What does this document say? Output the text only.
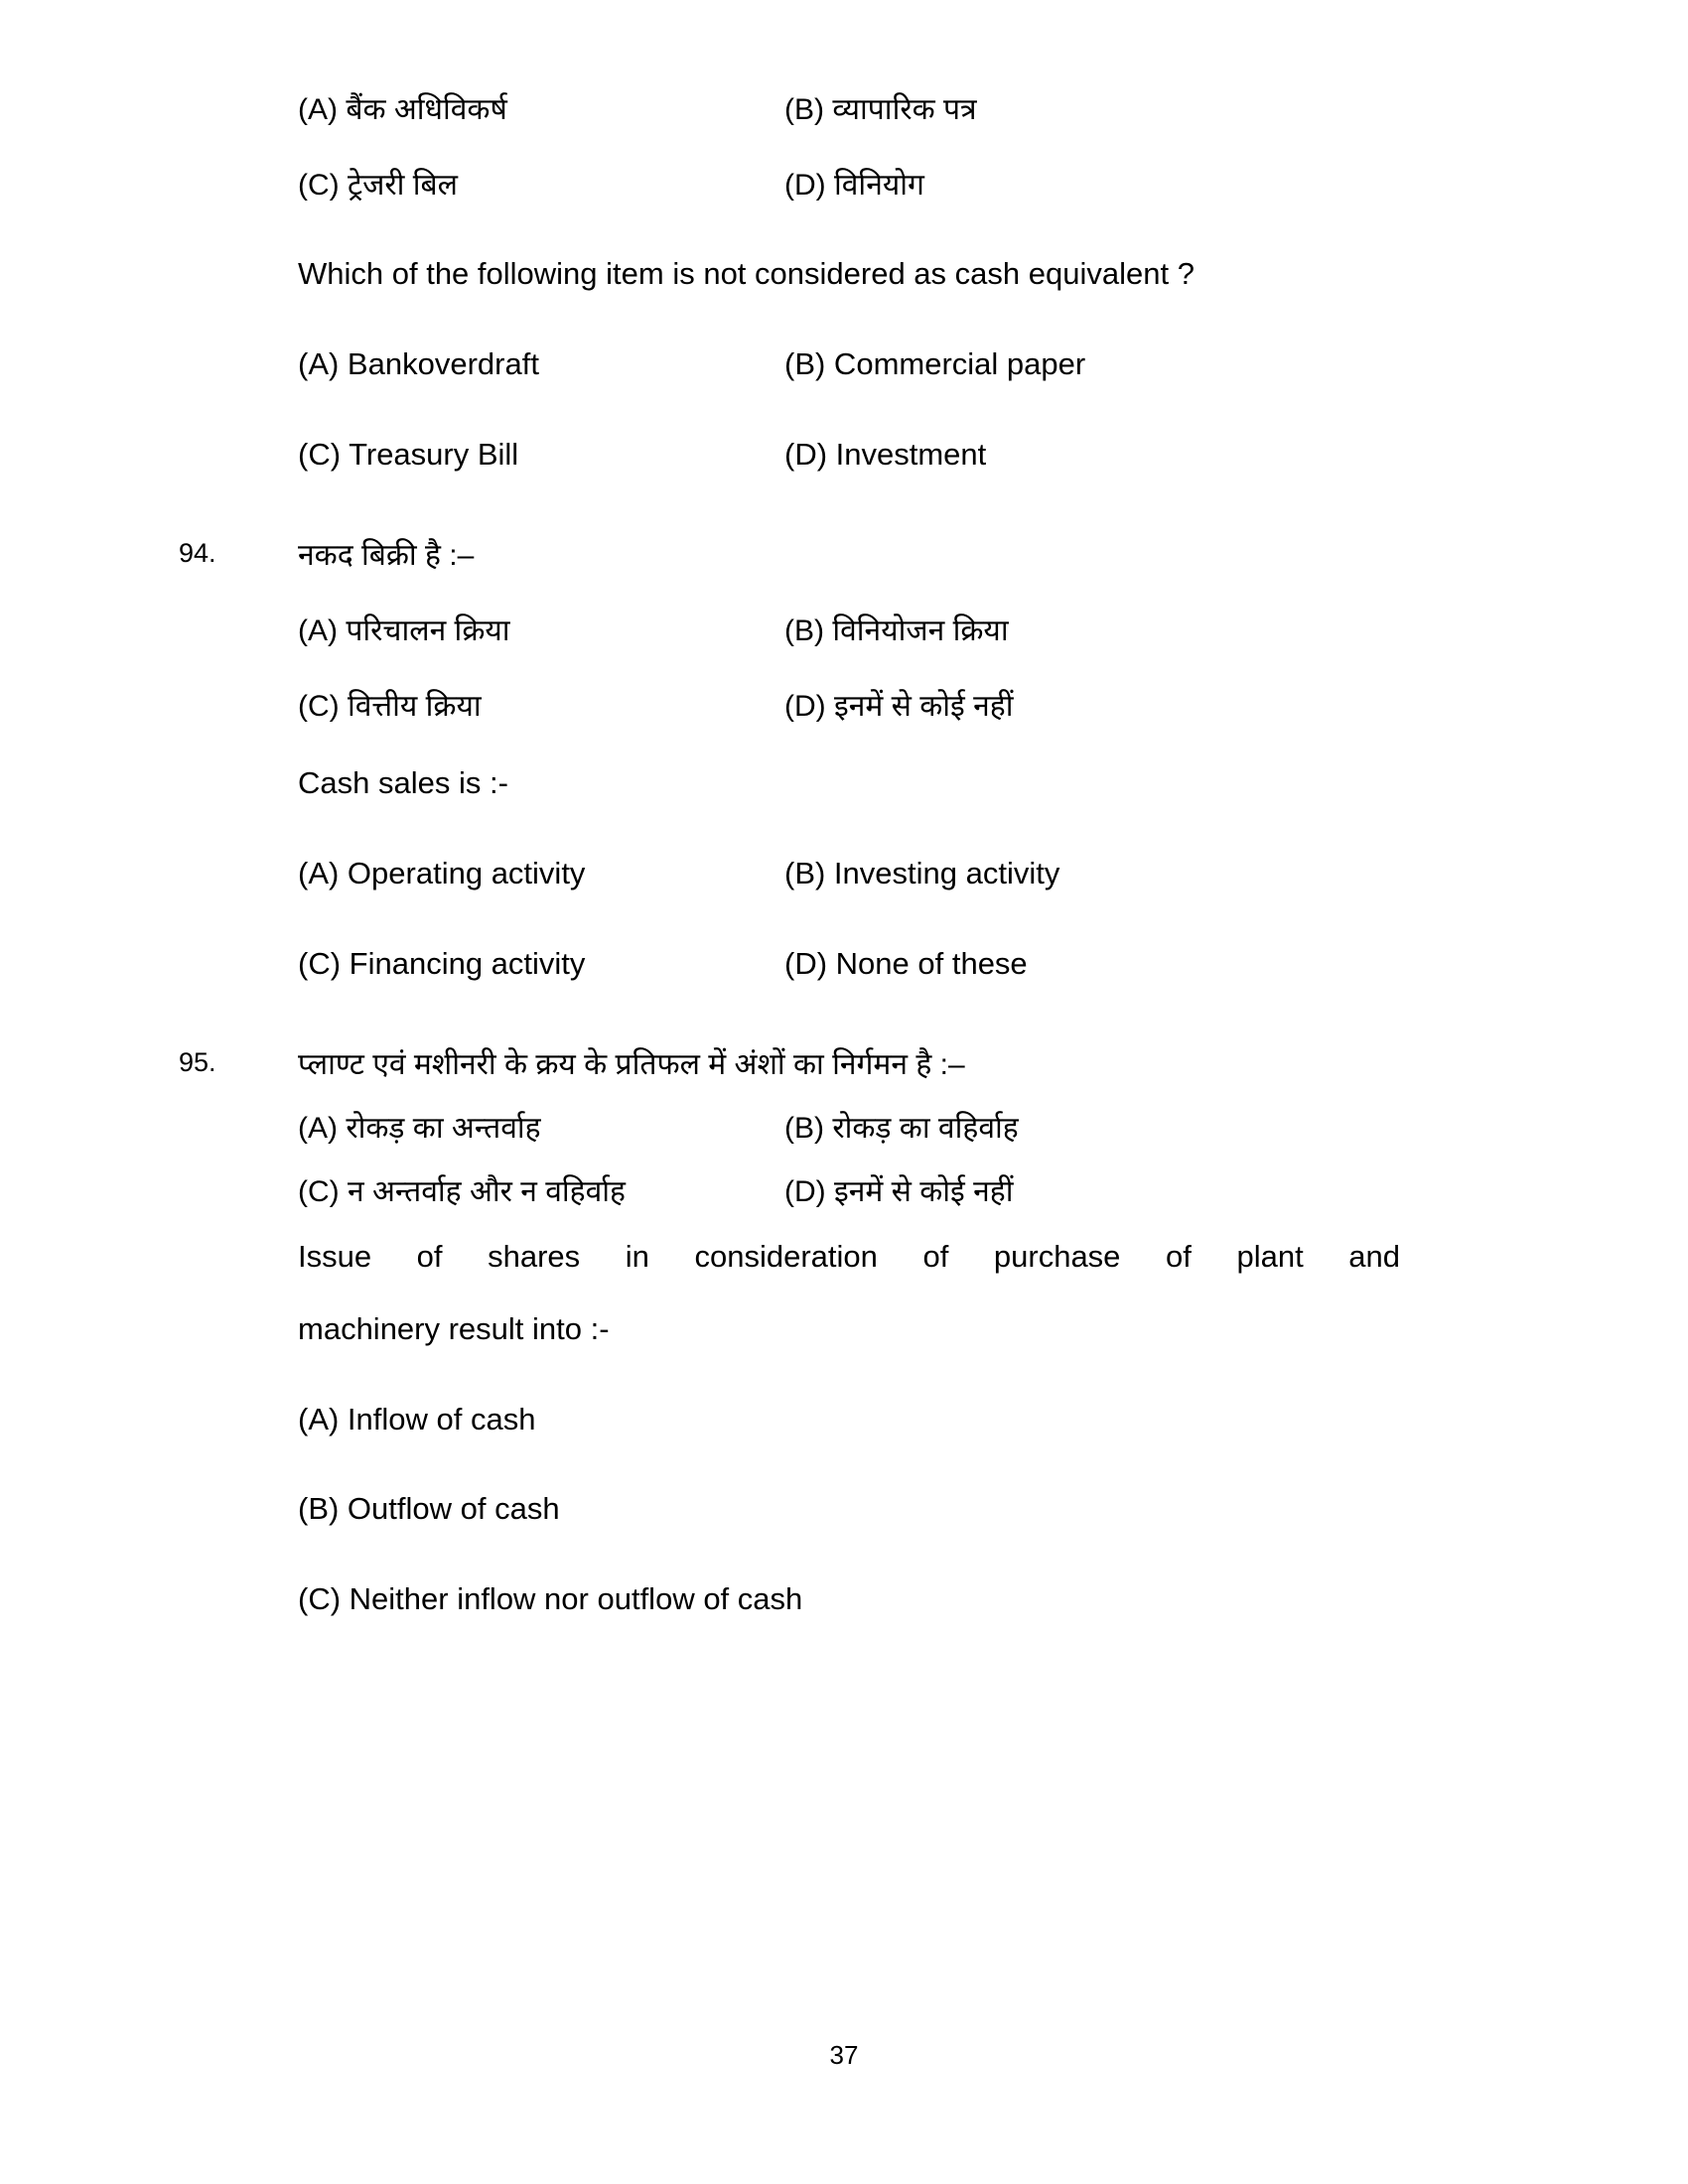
(A) बैंक अधिविकर्ष	(B) व्यापारिक पत्र
(C) ट्रेजरी बिल	(D) विनियोग
Which of the following item is not considered as cash equivalent ?
(A) Bankoverdraft	(B) Commercial paper
(C) Treasury Bill	(D) Investment
94.	नकद बिक्री है :–
(A) परिचालन क्रिया	(B) विनियोजन क्रिया
(C) वित्तीय क्रिया	(D) इनमें से कोई नहीं
Cash sales is :-
(A) Operating activity	(B) Investing activity
(C) Financing activity	(D) None of these
95.	प्लाण्ट एवं मशीनरी के क्रय के प्रतिफल में अंशों का निर्गमन है :–
(A) रोकड़ का अन्तर्वाह	(B) रोकड़ का वहिर्वाह
(C) न अन्तर्वाह और न वहिर्वाह	(D) इनमें से कोई नहीं
Issue of shares in consideration of purchase of plant and
machinery result into :-
(A) Inflow of cash
(B) Outflow of cash
(C) Neither inflow nor outflow of cash
37
